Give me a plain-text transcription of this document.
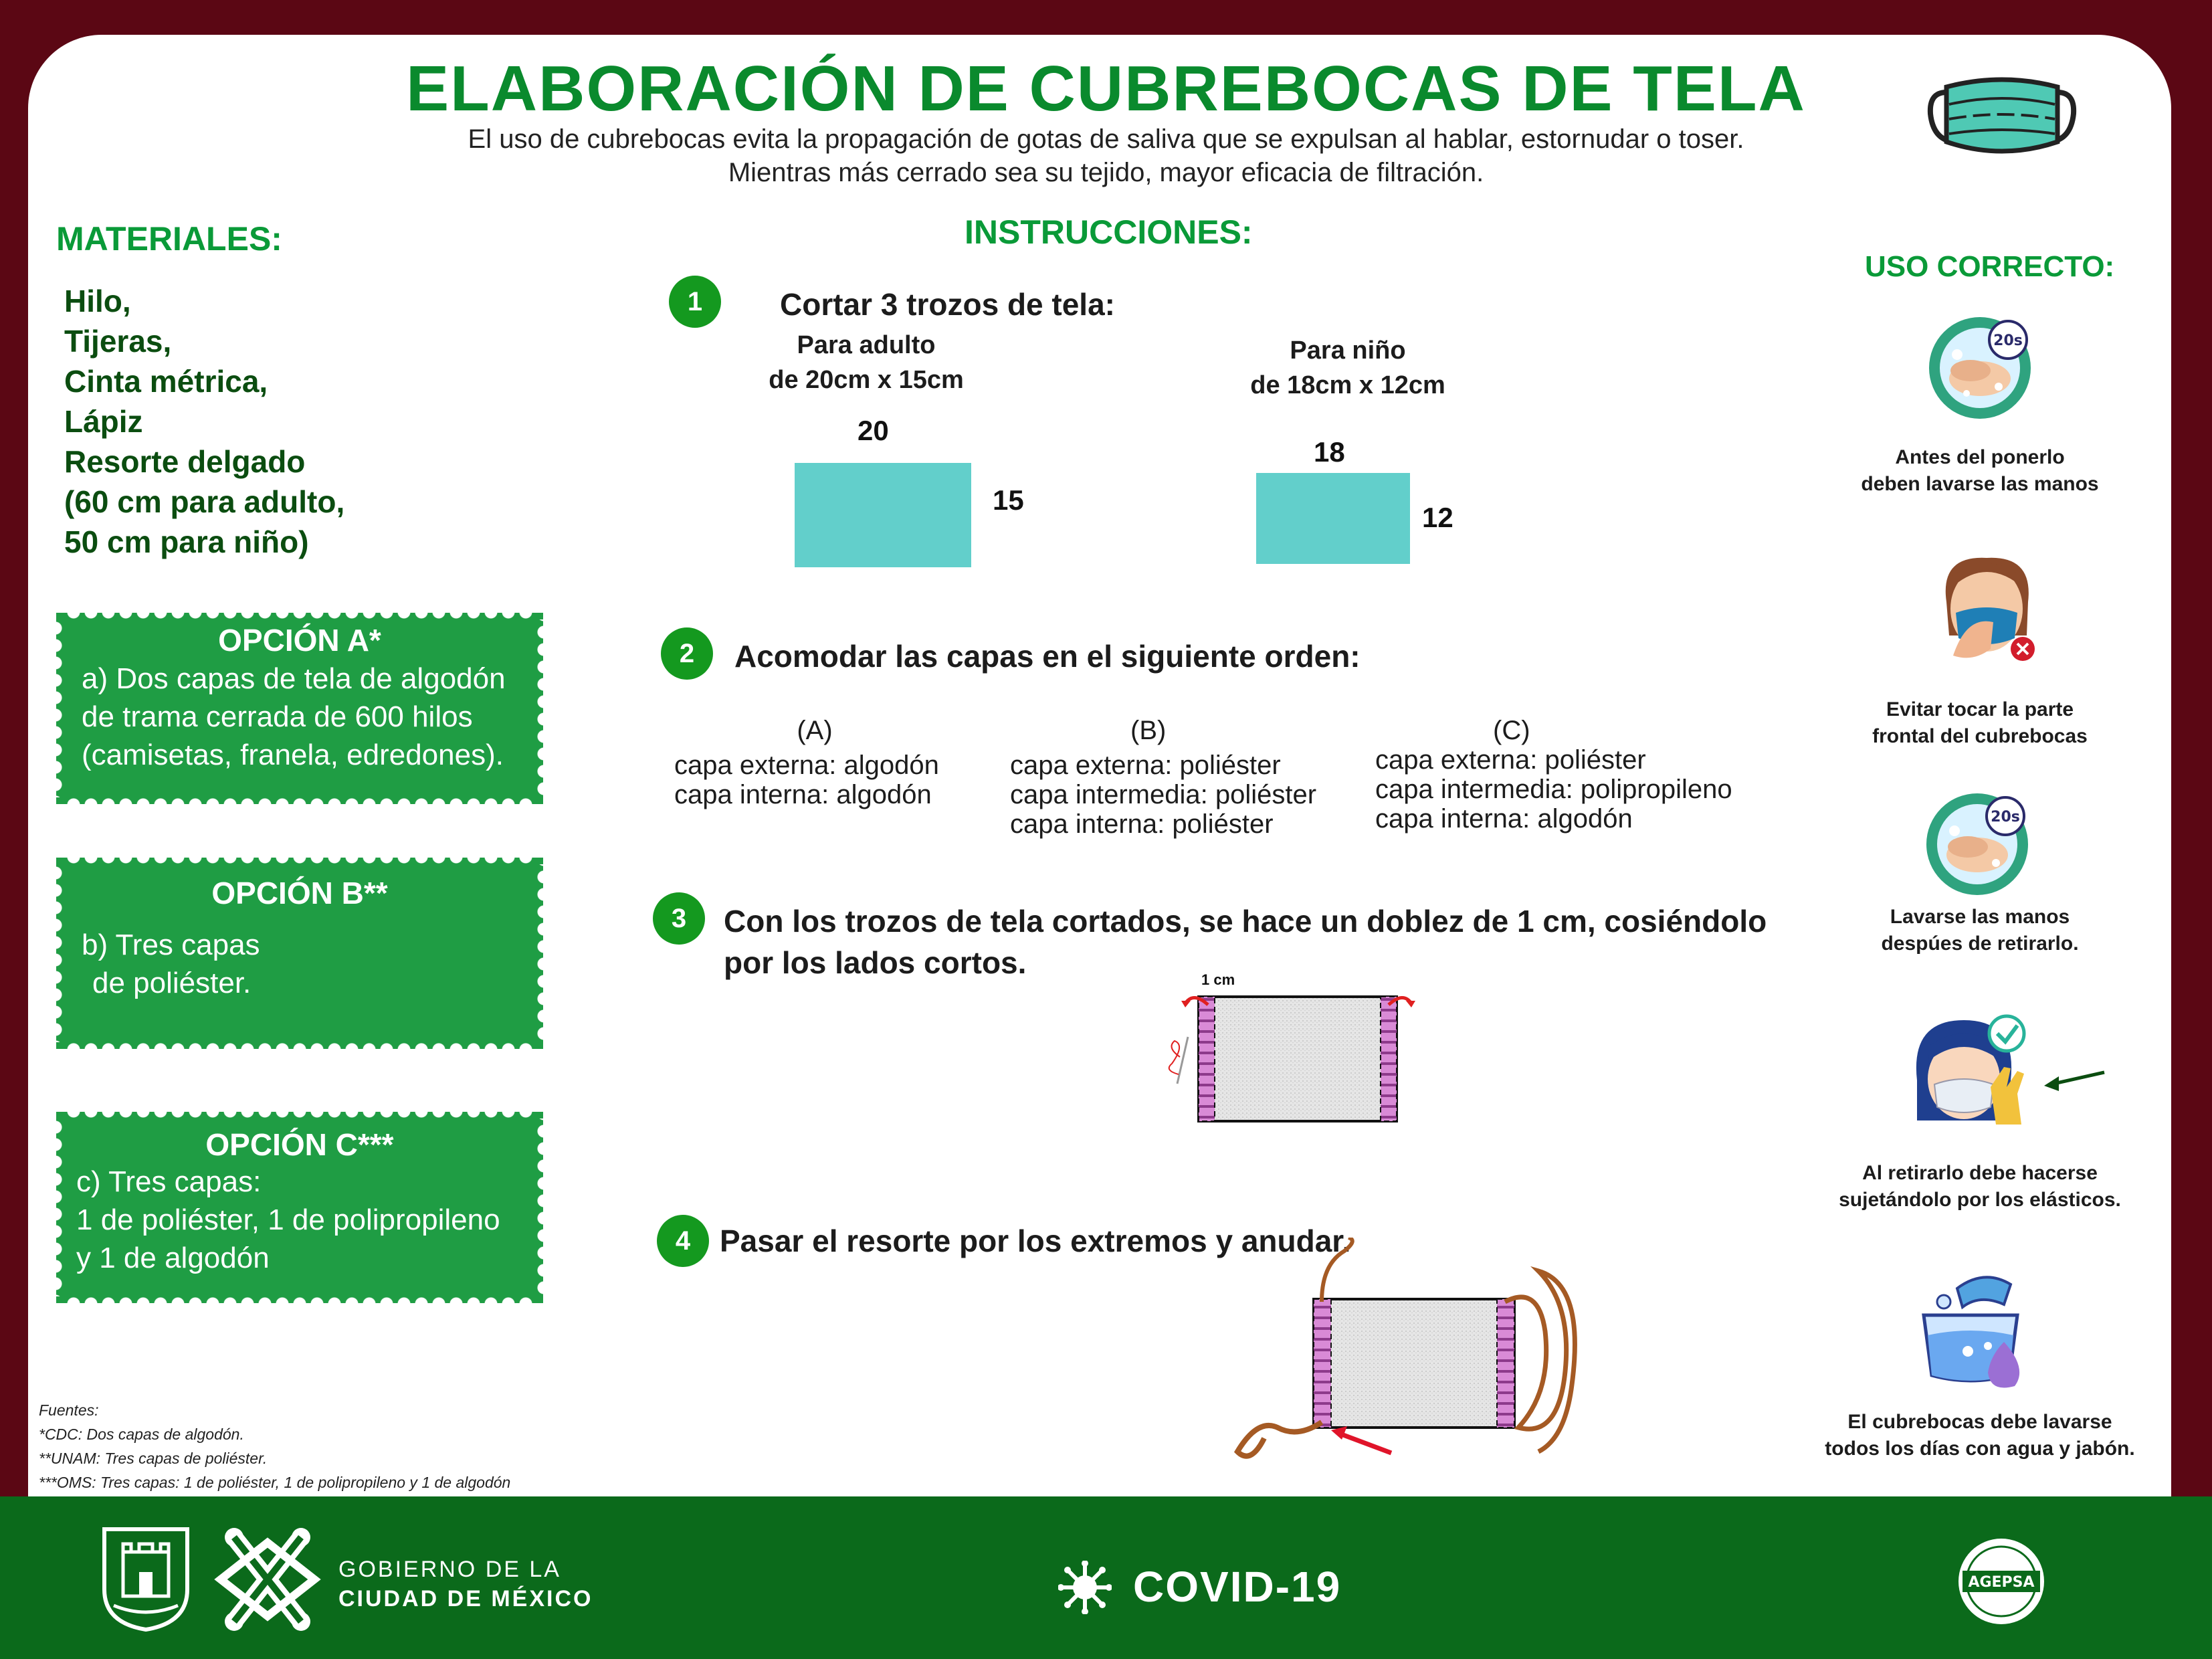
ELABORACIÓN DE CUBREBOCAS DE TELA
El uso de cubrebocas evita la propagación de gotas de saliva que se expulsan al hablar, estornudar o toser.
Mientras más cerrado sea su tejido, mayor eficacia de filtración.
MATERIALES:
Hilo,
Tijeras,
Cinta métrica,
Lápiz
Resorte delgado
(60 cm para adulto,
50 cm para niño)
OPCIÓN A*
a) Dos capas de tela de algodón
de trama cerrada de 600 hilos
(camisetas, franela, edredones).
OPCIÓN B**
b) Tres capas
de poliéster.
OPCIÓN C***
c) Tres capas:
1 de poliéster, 1 de polipropileno
y 1 de algodón
Fuentes:
*CDC: Dos capas de algodón.
**UNAM: Tres capas de poliéster.
***OMS: Tres capas: 1 de poliéster, 1 de polipropileno y 1 de algodón
INSTRUCCIONES:
1	Cortar 3 trozos de tela:
Para adulto
de 20cm x 15cm
20
15
Para niño
de 18cm x 12cm
18
12
2	Acomodar las capas en el siguiente orden:
(A)
capa externa: algodón
capa interna: algodón
(B)
capa externa: poliéster
capa intermedia: poliéster
capa interna: poliéster
(C)
capa externa: poliéster
capa intermedia: polipropileno
capa interna: algodón
3	Con los trozos de tela cortados, se hace un doblez de 1 cm, cosiéndolo
por los lados cortos.	1 cm
4 Pasar el resorte por los extremos y anudar.
USO CORRECTO:
20s
Antes del ponerlo
deben lavarse las manos
Evitar tocar la parte
frontal del cubrebocas
20s
Lavarse las manos
despúes de retirarlo.
Al retirarlo debe hacerse
sujetándolo por los elásticos.
El cubrebocas debe lavarse
todos los días con agua y jabón.
GOBIERNO DE LA
CIUDAD DE MÉXICO	COVID-19	AGEPSA
